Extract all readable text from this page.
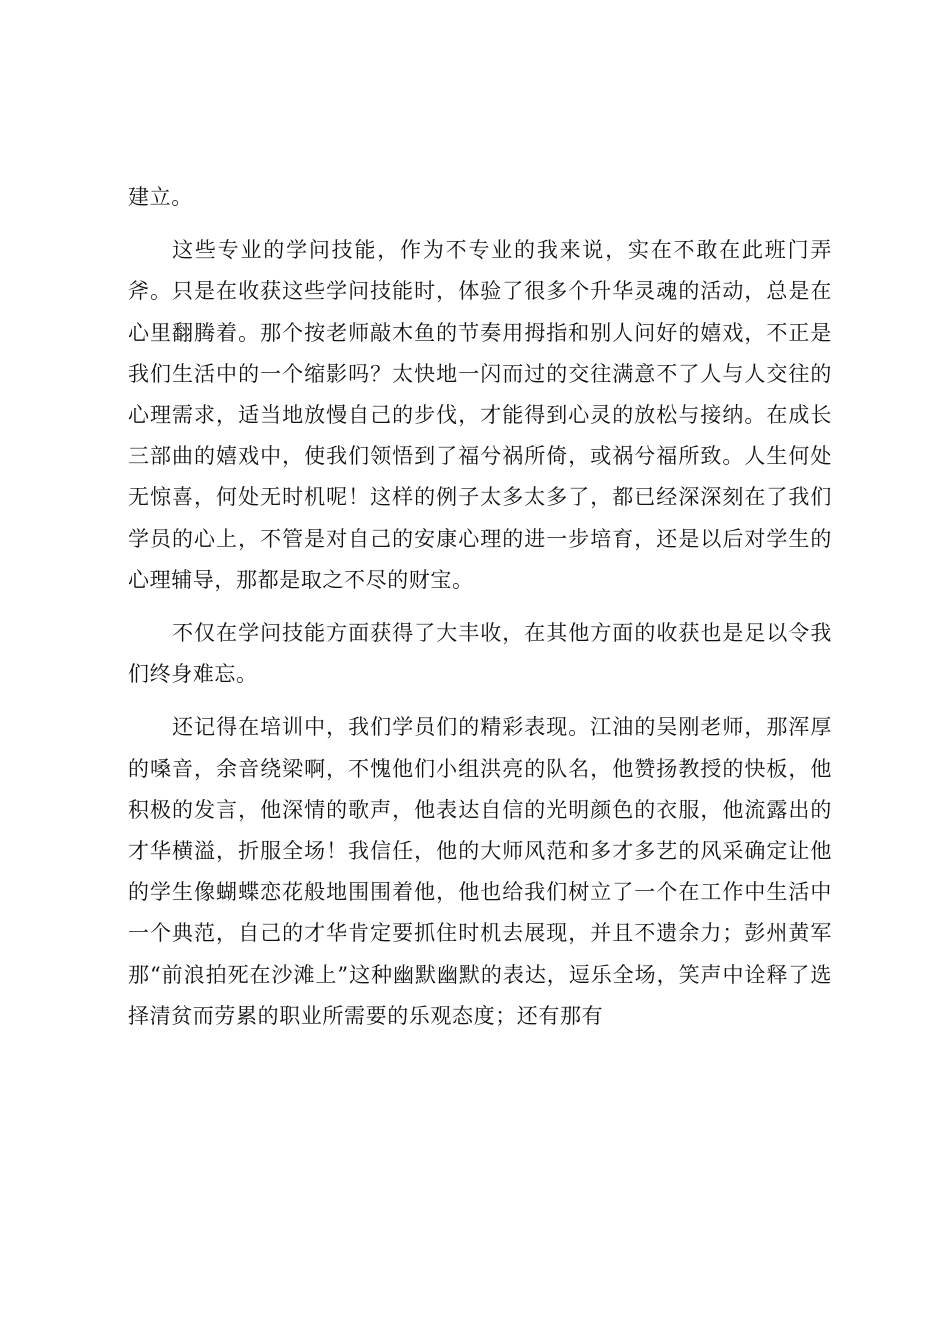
建立。

这些专业的学问技能，作为不专业的我来说，实在不敢在此班门弄斧。只是在收获这些学问技能时，体验了很多个升华灵魂的活动，总是在心里翻腾着。那个按老师敲木鱼的节奏用拇指和别人问好的嬉戏，不正是我们生活中的一个缩影吗？太快地一闪而过的交往满意不了人与人交往的心理需求，适当地放慢自己的步伐，才能得到心灵的放松与接纳。在成长三部曲的嬉戏中，使我们领悟到了福兮祸所倚，或祸兮福所致。人生何处无惊喜，何处无时机呢！这样的例子太多太多了，都已经深深刻在了我们学员的心上，不管是对自己的安康心理的进一步培育，还是以后对学生的心理辅导，那都是取之不尽的财宝。

不仅在学问技能方面获得了大丰收，在其他方面的收获也是足以令我们终身难忘。

还记得在培训中，我们学员们的精彩表现。江油的吴刚老师，那浑厚的嗓音，余音绕梁啊，不愧他们小组洪亮的队名，他赞扬教授的快板，他积极的发言，他深情的歌声，他表达自信的光明颜色的衣服，他流露出的才华横溢，折服全场！我信任，他的大师风范和多才多艺的风采确定让他的学生像蝴蝶恋花般地围围着他，他也给我们树立了一个在工作中生活中一个典范，自己的才华肯定要抓住时机去展现，并且不遗余力；彭州黄军那“前浪拍死在沙滩上”这种幽默幽默的表达，逗乐全场，笑声中诠释了选择清贫而劳累的职业所需要的乐观态度；还有那有
